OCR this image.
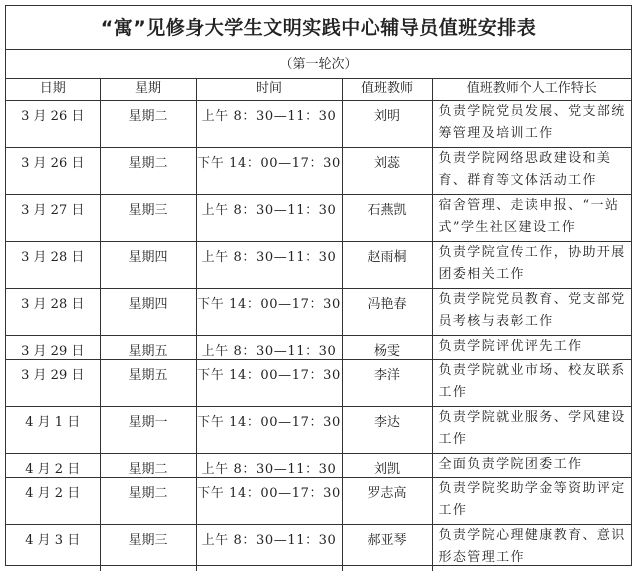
“寓”见修身大学生文明实践中心辅导员值班安排表
（第一轮次）
日期	星期	时间	值班教师	值班教师个人工作特长
3 月 26 日	星期二	上午 8：30—11：30	刘明	负责学院党员发展、党支部统筹管理及培训工作
3 月 26 日	星期二	下午 14：00—17：30	刘蕊	负责学院网络思政建设和美育、群育等文体活动工作
3 月 27 日	星期三	上午 8：30—11：30	石燕凯	宿舍管理、走读申报、“一站式”学生社区建设工作
3 月 28 日	星期四	上午 8：30—11：30	赵雨桐	负责学院宣传工作，协助开展团委相关工作
3 月 28 日	星期四	下午 14：00—17：30	冯艳春	负责学院党员教育、党支部党员考核与表彰工作
3 月 29 日	星期五	上午 8：30—11：30	杨雯	负责学院评优评先工作
3 月 29 日	星期五	下午 14：00—17：30	李洋	负责学院就业市场、校友联系工作
4 月 1 日	星期一	下午 14：00—17：30	李达	负责学院就业服务、学风建设工作
4 月 2 日	星期二	上午 8：30—11：30	刘凯	全面负责学院团委工作
4 月 2 日	星期二	下午 14：00—17：30	罗志高	负责学院奖助学金等资助评定工作
4 月 3 日	星期三	上午 8：30—11：30	郝亚琴	负责学院心理健康教育、意识形态管理工作
